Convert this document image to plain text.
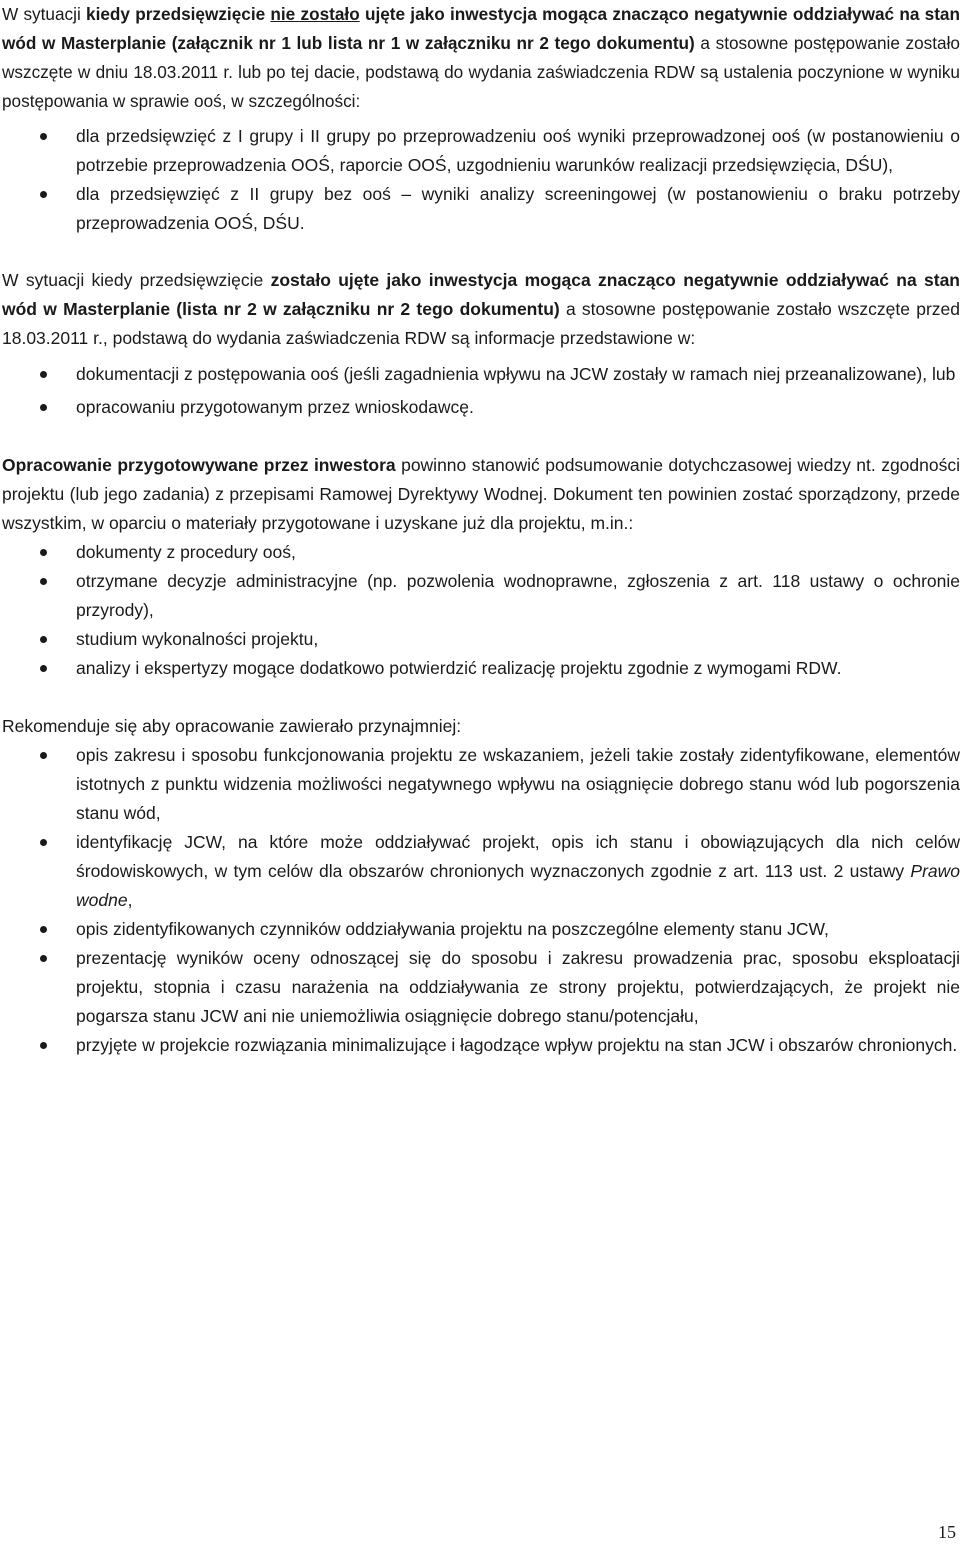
W sytuacji kiedy przedsięwzięcie nie zostało ujęte jako inwestycja mogąca znacząco negatywnie oddziaływać na stan wód w Masterplanie (załącznik nr 1 lub lista nr 1 w załączniku nr 2 tego dokumentu) a stosowne postępowanie zostało wszczęte w dniu 18.03.2011 r. lub po tej dacie, podstawą do wydania zaświadczenia RDW są ustalenia poczynione w wyniku postępowania w sprawie ooś, w szczególności:

dla przedsięwzięć z I grupy i II grupy po przeprowadzeniu ooś wyniki przeprowadzonej ooś (w postanowieniu o potrzebie przeprowadzenia OOŚ, raporcie OOŚ, uzgodnieniu warunków realizacji przedsięwzięcia, DŚU),
dla przedsięwzięć z II grupy bez ooś – wyniki analizy screeningowej (w postanowieniu o braku potrzeby przeprowadzenia OOŚ, DŚU.

W sytuacji kiedy przedsięwzięcie zostało ujęte jako inwestycja mogąca znacząco negatywnie oddziaływać na stan wód w Masterplanie (lista nr 2 w załączniku nr 2 tego dokumentu) a stosowne postępowanie zostało wszczęte przed 18.03.2011 r., podstawą do wydania zaświadczenia RDW są informacje przedstawione w:

dokumentacji z postępowania ooś (jeśli zagadnienia wpływu na JCW zostały w ramach niej przeanalizowane), lub
opracowaniu przygotowanym przez wnioskodawcę.

Opracowanie przygotowywane przez inwestora powinno stanowić podsumowanie dotychczasowej wiedzy nt. zgodności projektu (lub jego zadania) z przepisami Ramowej Dyrektywy Wodnej. Dokument ten powinien zostać sporządzony, przede wszystkim, w oparciu o materiały przygotowane i uzyskane już dla projektu, m.in.:

dokumenty z procedury ooś,
otrzymane decyzje administracyjne (np. pozwolenia wodnoprawne, zgłoszenia z art. 118 ustawy o ochronie przyrody),
studium wykonalności projektu,
analizy i ekspertyzy mogące dodatkowo potwierdzić realizację projektu zgodnie z wymogami RDW.

Rekomenduje się aby opracowanie zawierało przynajmniej:

opis zakresu i sposobu funkcjonowania projektu ze wskazaniem, jeżeli takie zostały zidentyfikowane, elementów istotnych z punktu widzenia możliwości negatywnego wpływu na osiągnięcie dobrego stanu wód lub pogorszenia stanu wód,
identyfikację JCW, na które może oddziaływać projekt, opis ich stanu i obowiązujących dla nich celów środowiskowych, w tym celów dla obszarów chronionych wyznaczonych zgodnie z art. 113 ust. 2 ustawy Prawo wodne,
opis zidentyfikowanych czynników oddziaływania projektu na poszczególne elementy stanu JCW,
prezentację wyników oceny odnoszącej się do sposobu i zakresu prowadzenia prac, sposobu eksploatacji projektu, stopnia i czasu narażenia na oddziaływania ze strony projektu, potwierdzających, że projekt nie pogarsza stanu JCW ani nie uniemożliwia osiągnięcie dobrego stanu/potencjału,
przyjęte w projekcie rozwiązania minimalizujące i łagodzące wpływ projektu na stan JCW i obszarów chronionych.
15
